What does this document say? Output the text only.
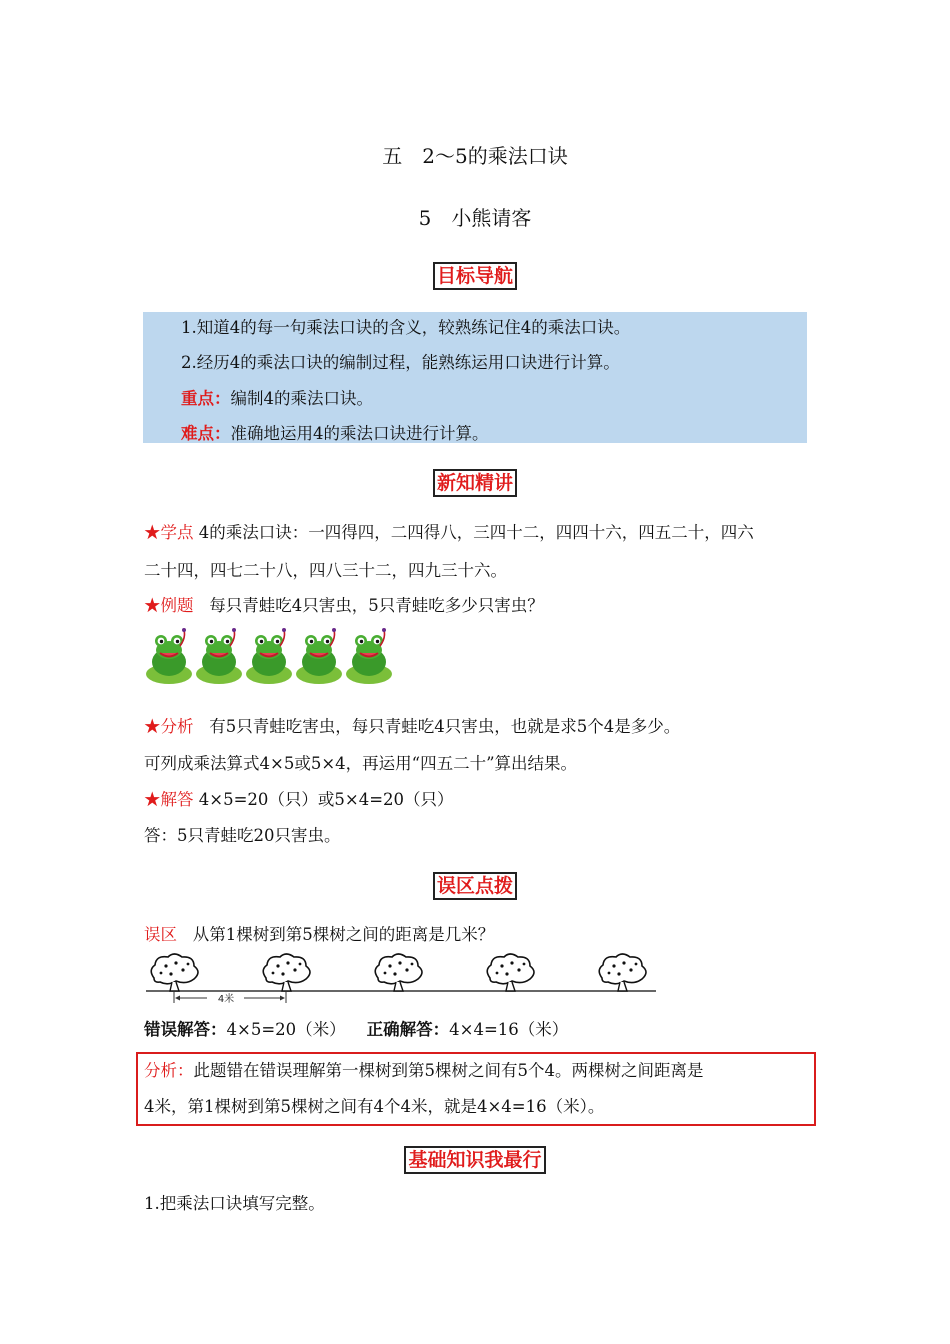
五　2～5的乘法口诀
5　小熊请客
目标导航
1.知道4的每一句乘法口诀的含义，较熟练记住4的乘法口诀。
2.经历4的乘法口诀的编制过程，能熟练运用口诀进行计算。
重点：编制4的乘法口诀。
难点：准确地运用4的乘法口诀进行计算。
新知精讲
★学点 4的乘法口诀：一四得四，二四得八，三四十二，四四十六，四五二十，四六
二十四，四七二十八，四八三十二，四九三十六。
★例题 每只青蛙吃4只害虫，5只青蛙吃多少只害虫？
★分析 有5只青蛙吃害虫，每只青蛙吃4只害虫，也就是求5个4是多少。
可列成乘法算式4×5或5×4，再运用“四五二十”算出结果。
★解答 4×5=20（只）或5×4=20（只）
答：5只青蛙吃20只害虫。
误区点拨
误区 从第1棵树到第5棵树之间的距离是几米？
4米
错误解答：4×5=20（米） 正确解答：4×4=16（米）
分析：此题错在错误理解第一棵树到第5棵树之间有5个4。两棵树之间距离是
4米，第1棵树到第5棵树之间有4个4米，就是4×4=16（米）。
基础知识我最行
1.把乘法口诀填写完整。
